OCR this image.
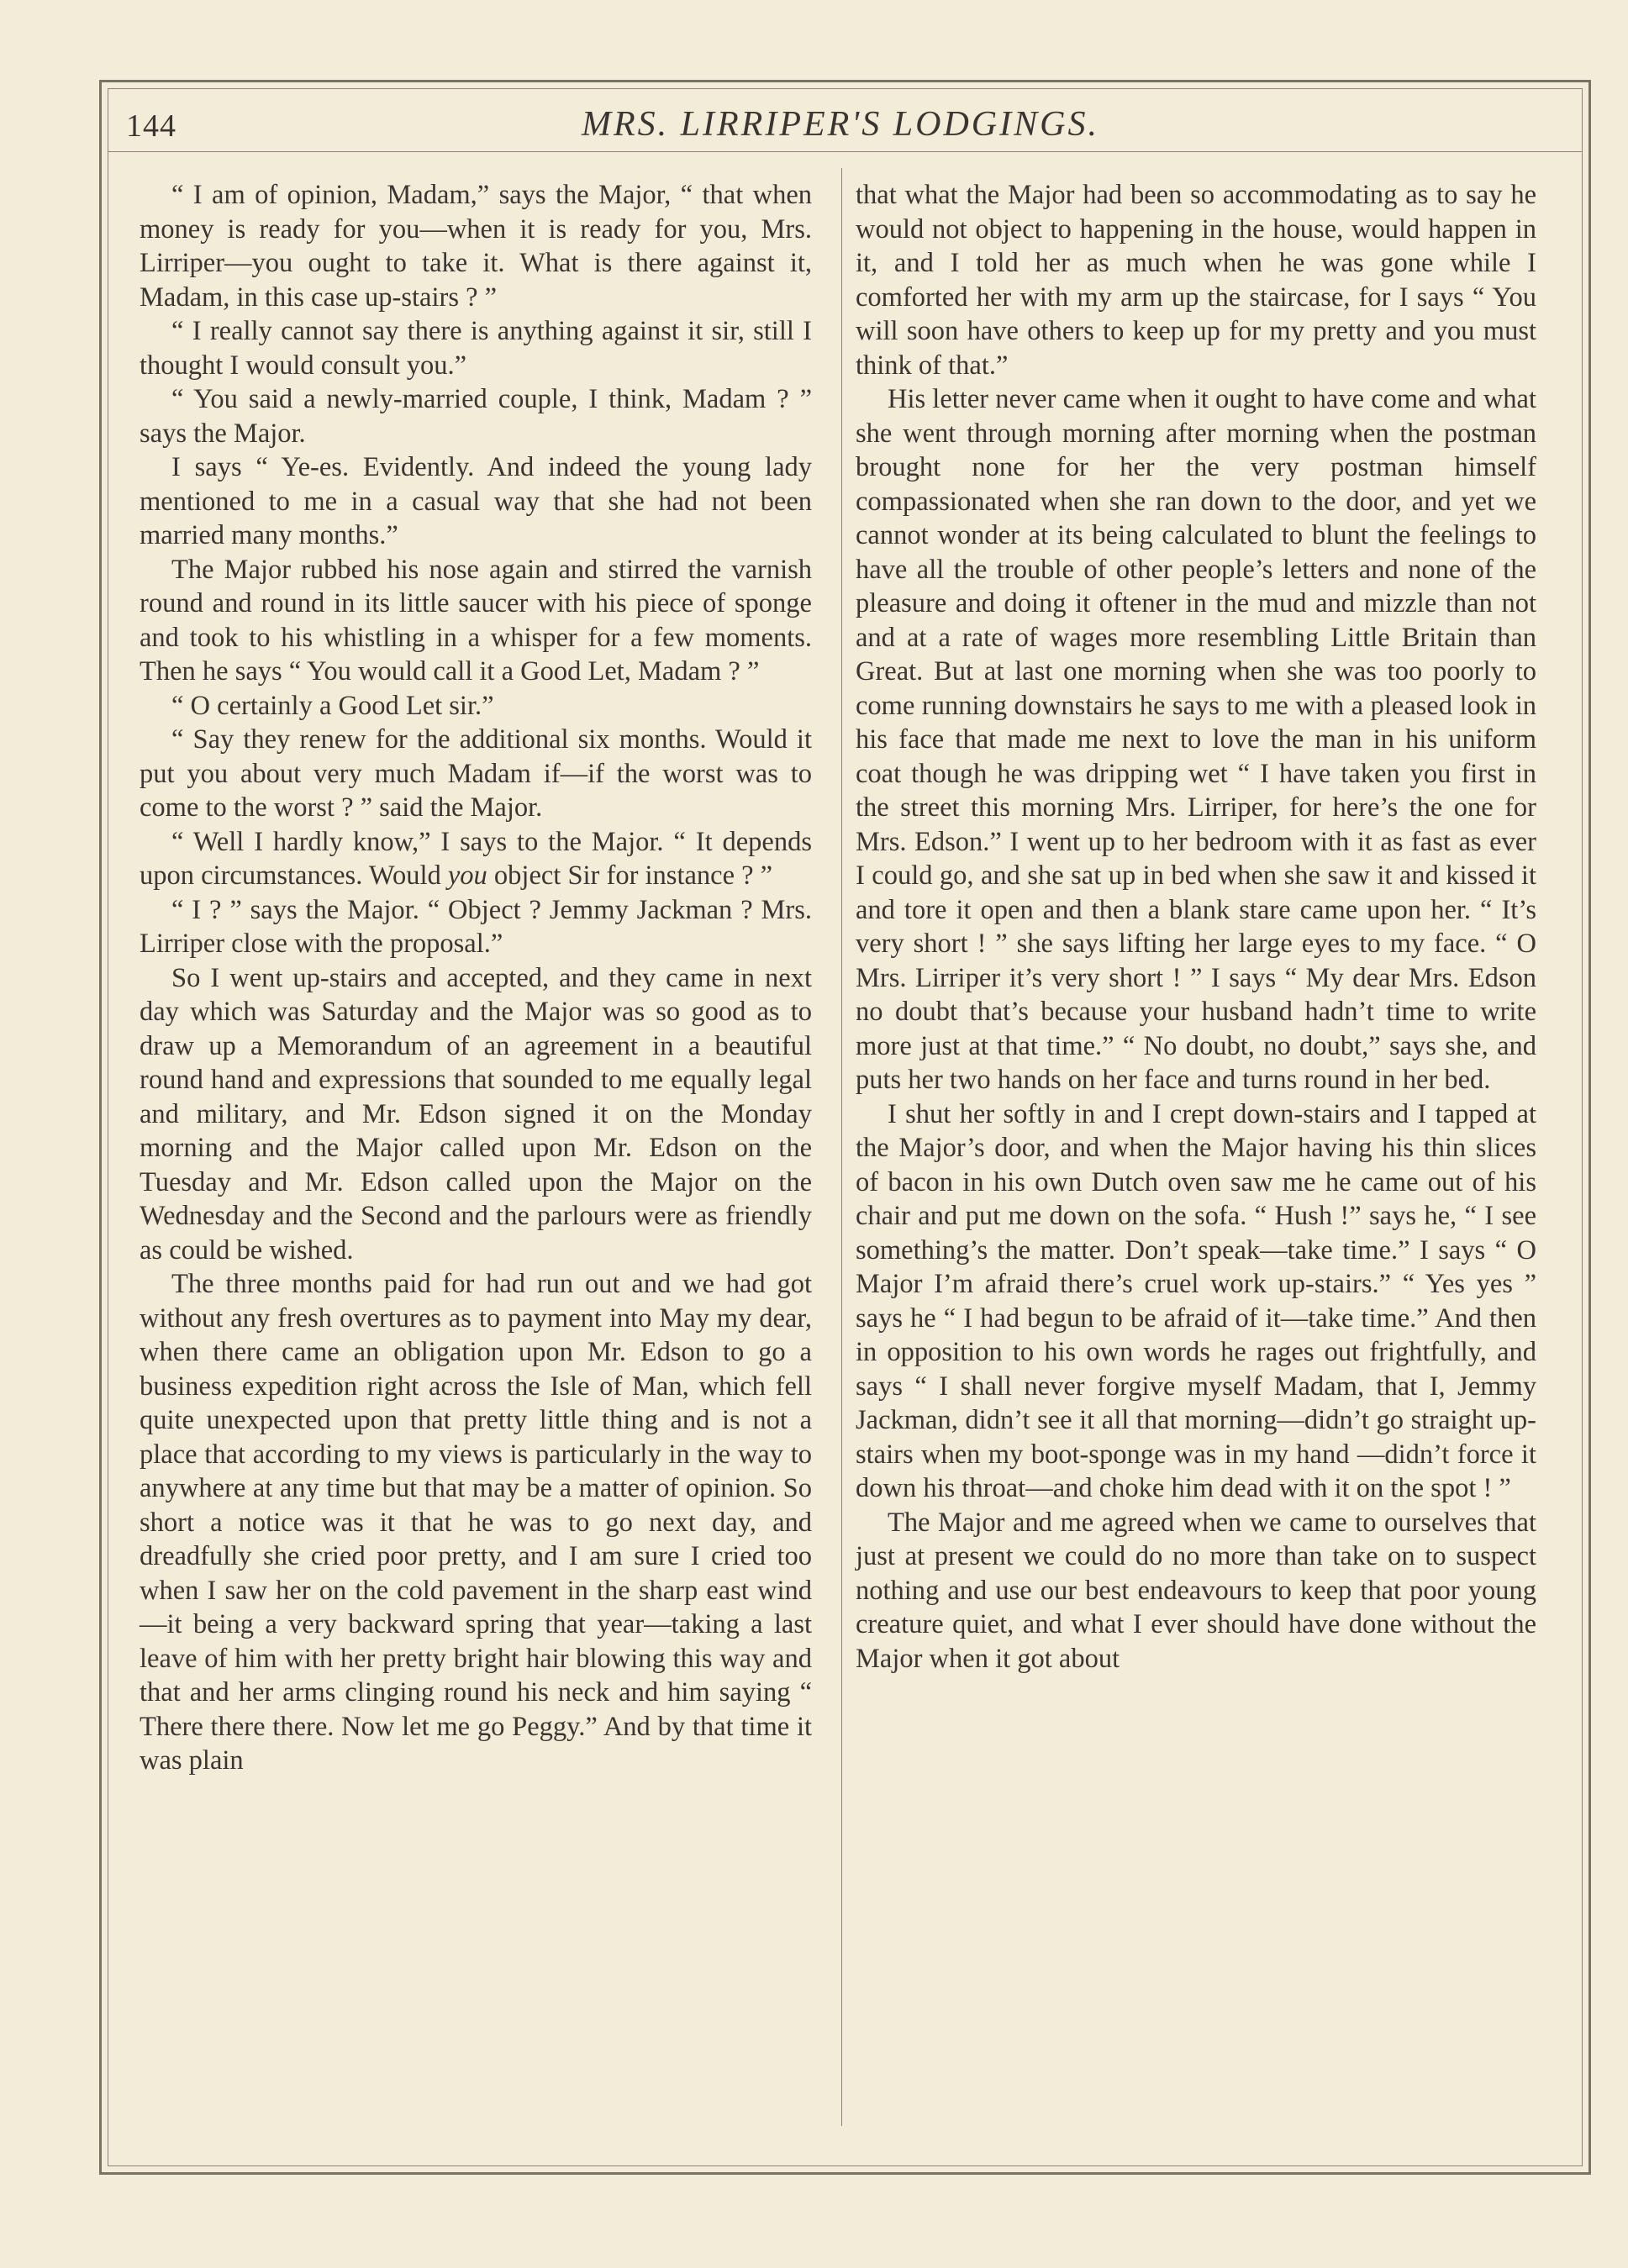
144	MRS. LIRRIPER'S LODGINGS.

“ I am of opinion, Madam,” says the Major, “ that when money is ready for you—when it is ready for you, Mrs. Lirriper—you ought to take it. What is there against it, Madam, in this case up-stairs ? ”

“ I really cannot say there is anything against it sir, still I thought I would consult you.”

“ You said a newly-married couple, I think, Madam ? ” says the Major.

I says “ Ye-es. Evidently. And indeed the young lady mentioned to me in a casual way that she had not been married many months.”

The Major rubbed his nose again and stirred the varnish round and round in its little saucer with his piece of sponge and took to his whistling in a whisper for a few moments. Then he says “ You would call it a Good Let, Madam ? ”

“ O certainly a Good Let sir.”

“ Say they renew for the additional six months. Would it put you about very much Madam if—if the worst was to come to the worst ? ” said the Major.

“ Well I hardly know,” I says to the Major. “ It depends upon circumstances. Would you object Sir for instance ? ”

“ I ? ” says the Major. “ Object ? Jemmy Jackman ? Mrs. Lirriper close with the proposal.”

So I went up-stairs and accepted, and they came in next day which was Saturday and the Major was so good as to draw up a Memorandum of an agreement in a beautiful round hand and expressions that sounded to me equally legal and military, and Mr. Edson signed it on the Monday morning and the Major called upon Mr. Edson on the Tuesday and Mr. Edson called upon the Major on the Wednesday and the Second and the parlours were as friendly as could be wished.

The three months paid for had run out and we had got without any fresh overtures as to payment into May my dear, when there came an obligation upon Mr. Edson to go a business expedition right across the Isle of Man, which fell quite unexpected upon that pretty little thing and is not a place that according to my views is particularly in the way to anywhere at any time but that may be a matter of opinion. So short a notice was it that he was to go next day, and dreadfully she cried poor pretty, and I am sure I cried too when I saw her on the cold pavement in the sharp east wind—it being a very backward spring that year—taking a last leave of him with her pretty bright hair blowing this way and that and her arms clinging round his neck and him saying “ There there there. Now let me go Peggy.” And by that time it was plain

that what the Major had been so accommodating as to say he would not object to happening in the house, would happen in it, and I told her as much when he was gone while I comforted her with my arm up the staircase, for I says “ You will soon have others to keep up for my pretty and you must think of that.”

His letter never came when it ought to have come and what she went through morning after morning when the postman brought none for her the very postman himself compassionated when she ran down to the door, and yet we cannot wonder at its being calculated to blunt the feelings to have all the trouble of other people’s letters and none of the pleasure and doing it oftener in the mud and mizzle than not and at a rate of wages more resembling Little Britain than Great. But at last one morning when she was too poorly to come running downstairs he says to me with a pleased look in his face that made me next to love the man in his uniform coat though he was dripping wet “ I have taken you first in the street this morning Mrs. Lirriper, for here’s the one for Mrs. Edson.” I went up to her bedroom with it as fast as ever I could go, and she sat up in bed when she saw it and kissed it and tore it open and then a blank stare came upon her. “ It’s very short ! ” she says lifting her large eyes to my face. “ O Mrs. Lirriper it’s very short ! ” I says “ My dear Mrs. Edson no doubt that’s because your husband hadn’t time to write more just at that time.” “ No doubt, no doubt,” says she, and puts her two hands on her face and turns round in her bed.

I shut her softly in and I crept down-stairs and I tapped at the Major’s door, and when the Major having his thin slices of bacon in his own Dutch oven saw me he came out of his chair and put me down on the sofa. “ Hush !” says he, “ I see something’s the matter. Don’t speak—take time.” I says “ O Major I’m afraid there’s cruel work up-stairs.” “ Yes yes ” says he “ I had begun to be afraid of it—take time.” And then in opposition to his own words he rages out frightfully, and says “ I shall never forgive myself Madam, that I, Jemmy Jackman, didn’t see it all that morning—didn’t go straight up-stairs when my boot-sponge was in my hand —didn’t force it down his throat—and choke him dead with it on the spot ! ”

The Major and me agreed when we came to ourselves that just at present we could do no more than take on to suspect nothing and use our best endeavours to keep that poor young creature quiet, and what I ever should have done without the Major when it got about
